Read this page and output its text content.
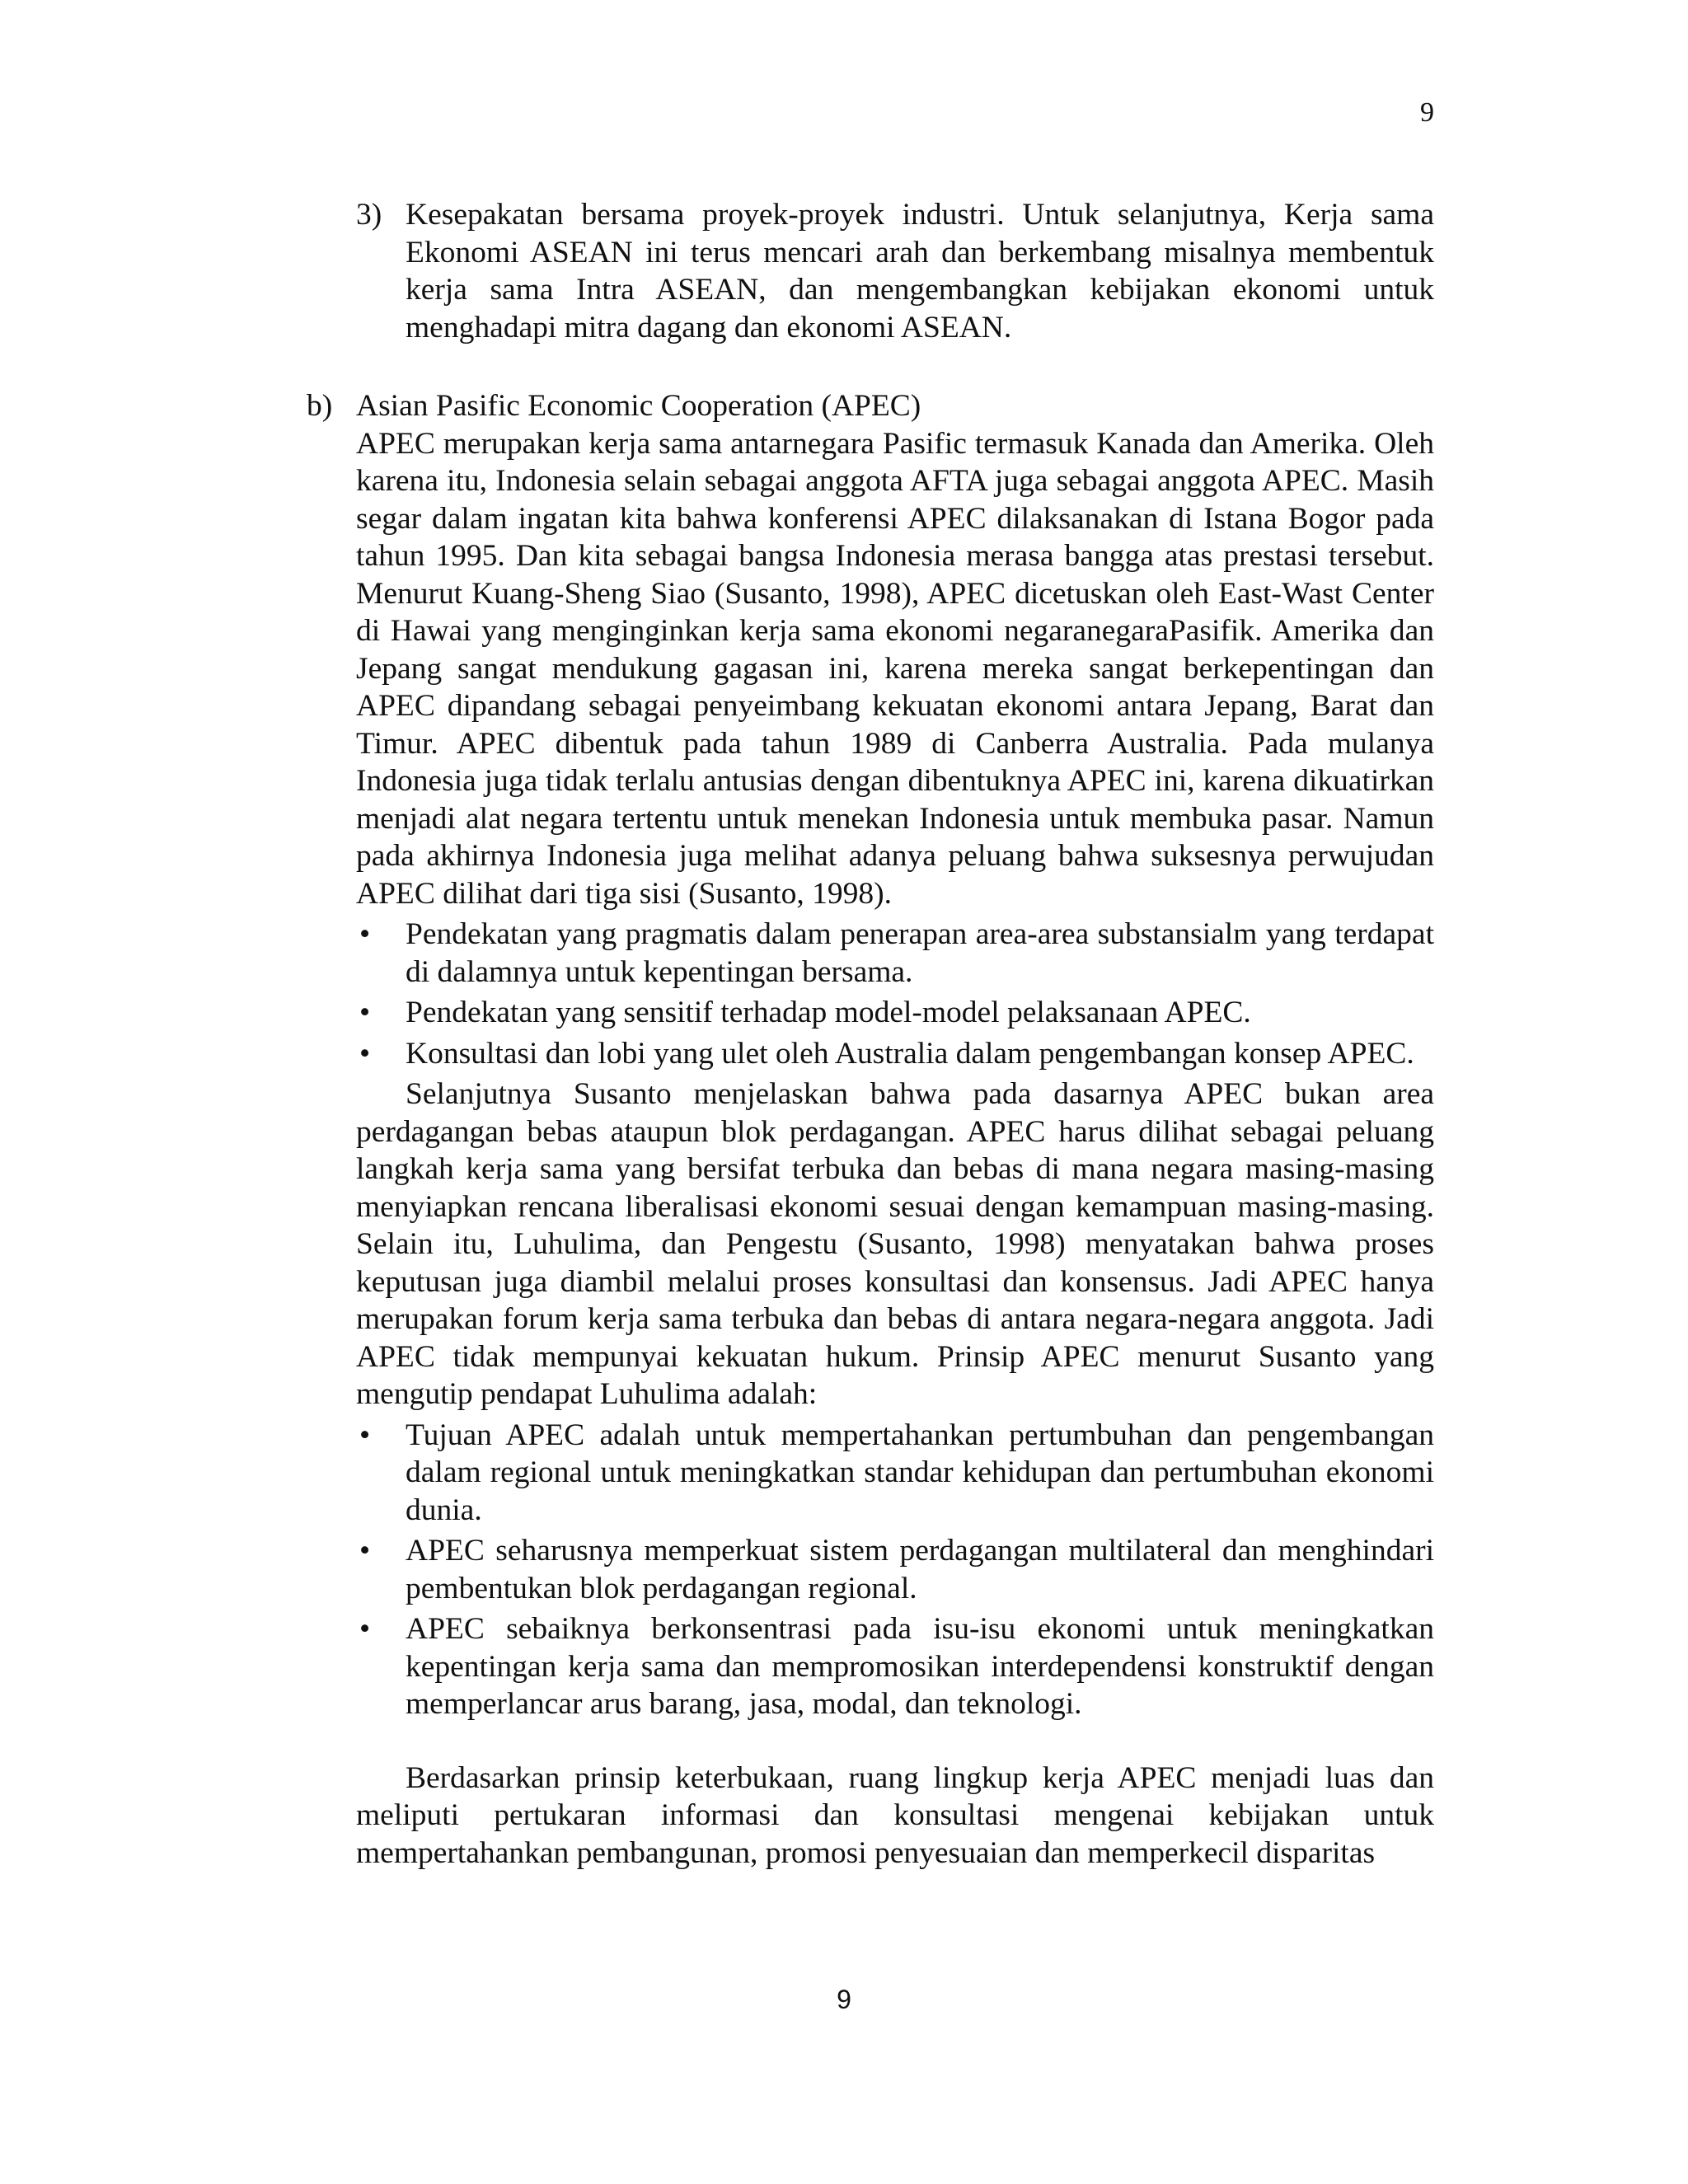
9
3) Kesepakatan bersama proyek-proyek industri. Untuk selanjutnya, Kerja sama Ekonomi ASEAN ini terus mencari arah dan berkembang misalnya membentuk kerja sama Intra ASEAN, dan mengembangkan kebijakan ekonomi untuk menghadapi mitra dagang dan ekonomi ASEAN.

b) Asian Pasific Economic Cooperation (APEC)

APEC merupakan kerja sama antarnegara Pasific termasuk Kanada dan Amerika. Oleh karena itu, Indonesia selain sebagai anggota AFTA juga sebagai anggota APEC. Masih segar dalam ingatan kita bahwa konferensi APEC dilaksanakan di Istana Bogor pada tahun 1995. Dan kita sebagai bangsa Indonesia merasa bangga atas prestasi tersebut. Menurut Kuang-Sheng Siao (Susanto, 1998), APEC dicetuskan oleh East-Wast Center di Hawai yang menginginkan kerja sama ekonomi negaranegaraPasifik. Amerika dan Jepang sangat mendukung gagasan ini, karena mereka sangat berkepentingan dan APEC dipandang sebagai penyeimbang kekuatan ekonomi antara Jepang, Barat dan Timur. APEC dibentuk pada tahun 1989 di Canberra Australia. Pada mulanya Indonesia juga tidak terlalu antusias dengan dibentuknya APEC ini, karena dikuatirkan menjadi alat negara tertentu untuk menekan Indonesia untuk membuka pasar. Namun pada akhirnya Indonesia juga melihat adanya peluang bahwa suksesnya perwujudan APEC dilihat dari tiga sisi (Susanto, 1998).

•	Pendekatan yang pragmatis dalam penerapan area-area substansialm yang terdapat di dalamnya untuk kepentingan bersama.
•	Pendekatan yang sensitif terhadap model-model pelaksanaan APEC.
•	Konsultasi dan lobi yang ulet oleh Australia dalam pengembangan konsep APEC.

Selanjutnya Susanto menjelaskan bahwa pada dasarnya APEC bukan area perdagangan bebas ataupun blok perdagangan. APEC harus dilihat sebagai peluang langkah kerja sama yang bersifat terbuka dan bebas di mana negara masing-masing menyiapkan rencana liberalisasi ekonomi sesuai dengan kemampuan masing-masing. Selain itu, Luhulima, dan Pengestu (Susanto, 1998) menyatakan bahwa proses keputusan juga diambil melalui proses konsultasi dan konsensus. Jadi APEC hanya merupakan forum kerja sama terbuka dan bebas di antara negara-negara anggota. Jadi APEC tidak mempunyai kekuatan hukum. Prinsip APEC menurut Susanto yang mengutip pendapat Luhulima adalah:

•	Tujuan APEC adalah untuk mempertahankan pertumbuhan dan pengembangan dalam regional untuk meningkatkan standar kehidupan dan pertumbuhan ekonomi dunia.
•	APEC seharusnya memperkuat sistem perdagangan multilateral dan menghindari pembentukan blok perdagangan regional.
•	APEC sebaiknya berkonsentrasi pada isu-isu ekonomi untuk meningkatkan kepentingan kerja sama dan mempromosikan interdependensi konstruktif dengan memperlancar arus barang, jasa, modal, dan teknologi.

Berdasarkan prinsip keterbukaan, ruang lingkup kerja APEC menjadi luas dan meliputi pertukaran informasi dan konsultasi mengenai kebijakan untuk mempertahankan pembangunan, promosi penyesuaian dan memperkecil disparitas

9
